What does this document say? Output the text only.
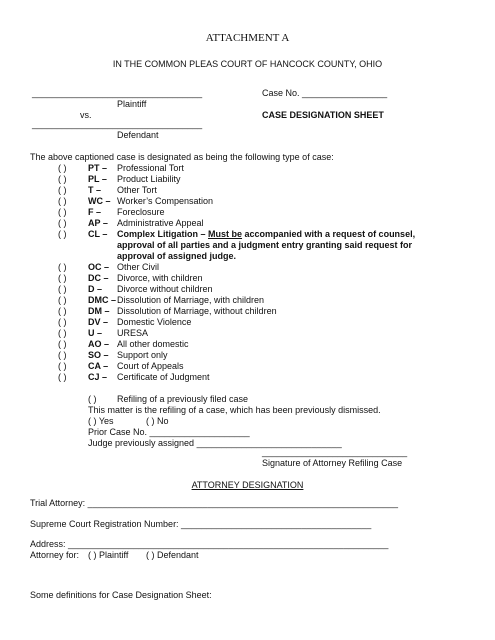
ATTACHMENT A
IN THE COMMON PLEAS COURT OF HANCOCK COUNTY, OHIO
__________________________________
Plaintiff
vs.
__________________________________
Defendant
Case No. _________________
CASE DESIGNATION SHEET
The above captioned case is designated as being the following type of case:
( ) PT – Professional Tort
( ) PL – Product Liability
( ) T – Other Tort
( ) WC – Worker’s Compensation
( ) F – Foreclosure
( ) AP – Administrative Appeal
( ) CL – Complex Litigation – Must be accompanied with a request of counsel,
approval of all parties and a judgment entry granting said request for
approval of assigned judge.
( ) OC – Other Civil
( ) DC – Divorce, with children
( ) D – Divorce without children
( ) DMC – Dissolution of Marriage, with children
( ) DM – Dissolution of Marriage, without children
( ) DV – Domestic Violence
( ) U – URESA
( ) AO – All other domestic
( ) SO – Support only
( ) CA – Court of Appeals
( ) CJ – Certificate of Judgment
( ) Refiling of a previously filed case
This matter is the refiling of a case, which has been previously dismissed.
( ) Yes	( ) No
Prior Case No. ____________________
Judge previously assigned _____________________________
_____________________________
Signature of Attorney Refiling Case
ATTORNEY DESIGNATION
Trial Attorney: ______________________________________________________________
Supreme Court Registration Number: ______________________________________
Address: ________________________________________________________________
Attorney for: ( ) Plaintiff ( ) Defendant
Some definitions for Case Designation Sheet:
